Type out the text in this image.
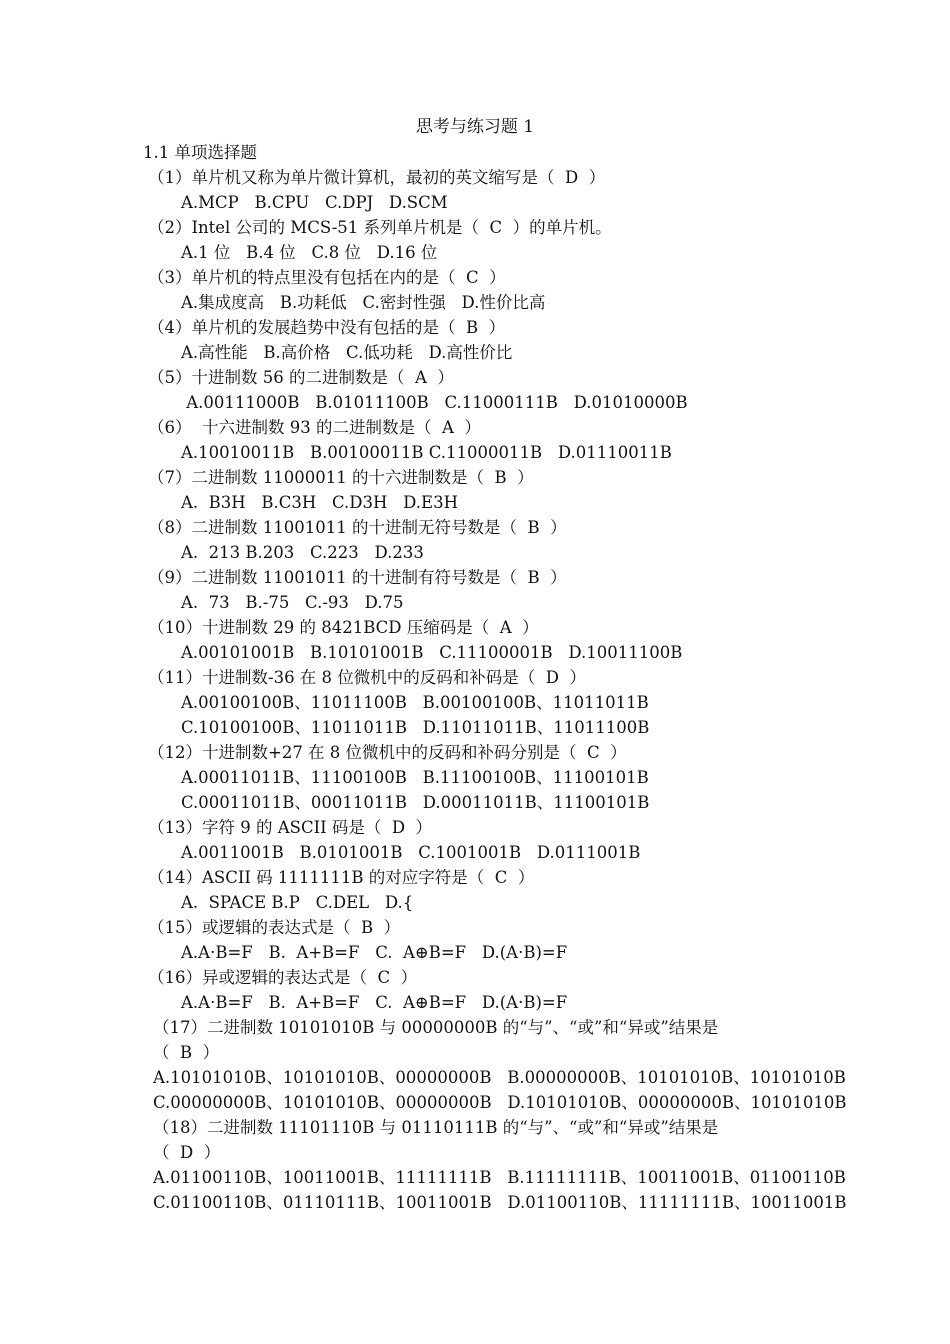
思考与练习题 1
1.1 单项选择题
（1）单片机又称为单片微计算机，最初的英文缩写是（  D  ）
A.MCP   B.CPU   C.DPJ   D.SCM
（2）Intel 公司的 MCS-51 系列单片机是（  C  ）的单片机。
A.1 位   B.4 位   C.8 位   D.16 位
（3）单片机的特点里没有包括在内的是（  C  ）
A.集成度高   B.功耗低   C.密封性强   D.性价比高
（4）单片机的发展趋势中没有包括的是（  B  ）
A.高性能   B.高价格   C.低功耗   D.高性价比
（5）十进制数 56 的二进制数是（  A  ）
A.00111000B   B.01011100B   C.11000111B   D.01010000B
（6）  十六进制数 93 的二进制数是（  A  ）
A.10010011B   B.00100011B C.11000011B   D.01110011B
（7）二进制数 11000011 的十六进制数是（  B  ）
A.  B3H   B.C3H   C.D3H   D.E3H
（8）二进制数 11001011 的十进制无符号数是（  B  ）
A.  213 B.203   C.223   D.233
（9）二进制数 11001011 的十进制有符号数是（  B  ）
A.  73   B.-75   C.-93   D.75
（10）十进制数 29 的 8421BCD 压缩码是（  A  ）
A.00101001B   B.10101001B   C.11100001B   D.10011100B
（11）十进制数-36 在 8 位微机中的反码和补码是（  D  ）
A.00100100B、11011100B   B.00100100B、11011011B
C.10100100B、11011011B   D.11011011B、11011100B
（12）十进制数+27 在 8 位微机中的反码和补码分别是（  C  ）
A.00011011B、11100100B   B.11100100B、11100101B
C.00011011B、00011011B   D.00011011B、11100101B
（13）字符 9 的 ASCII 码是（  D  ）
A.0011001B   B.0101001B   C.1001001B   D.0111001B
（14）ASCII 码 1111111B 的对应字符是（  C  ）
A.  SPACE B.P   C.DEL   D.{
（15）或逻辑的表达式是（  B  ）
A.A·B=F   B.  A+B=F   C.  A⊕B=F   D.(A·B)=F
（16）异或逻辑的表达式是（  C  ）
A.A·B=F   B.  A+B=F   C.  A⊕B=F   D.(A·B)=F
（17）二进制数 10101010B 与 00000000B 的“与”、“或”和“异或”结果是
（  B  ）
A.10101010B、10101010B、00000000B   B.00000000B、10101010B、10101010B
C.00000000B、10101010B、00000000B   D.10101010B、00000000B、10101010B
（18）二进制数 11101110B 与 01110111B 的“与”、“或”和“异或”结果是
（  D  ）
A.01100110B、10011001B、11111111B   B.11111111B、10011001B、01100110B
C.01100110B、01110111B、10011001B   D.01100110B、11111111B、10011001B
